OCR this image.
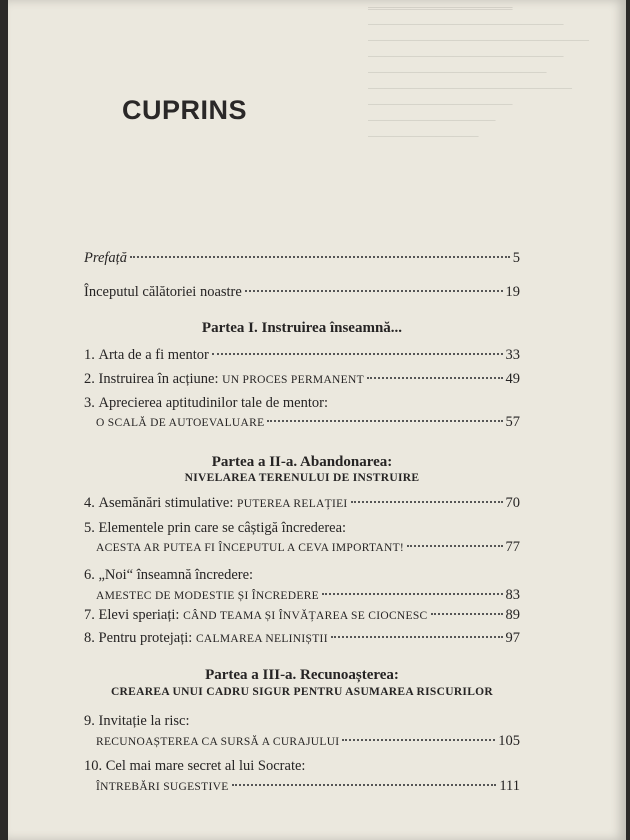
═════════════════
───────────────────────
──────────────────────────
───────────────────────
─────────────────────
────────────────────────
─────────────────
───────────────
─────────────
CUPRINS
Prefață	5
Începutul călătoriei noastre	19
Partea I. Instruirea înseamnă...
1.
Arta de a fi mentor	33
2.
Instruirea în acțiune:
UN PROCES PERMANENT	49
3. Aprecierea aptitudinilor tale de mentor:
O SCALĂ DE AUTOEVALUARE	57
Partea a II-a. Abandonarea:
NIVELAREA TERENULUI DE INSTRUIRE
4.
Asemănări stimulative:
PUTEREA RELAȚIEI	70
5. Elementele prin care se câștigă încrederea:
ACESTA AR PUTEA FI ÎNCEPUTUL A CEVA IMPORTANT!	77
6. „Noi“ înseamnă încredere:
AMESTEC DE MODESTIE ȘI ÎNCREDERE	83
7.
Elevi speriați:
CÂND TEAMA ȘI ÎNVĂȚAREA SE CIOCNESC	89
8.
Pentru protejați:
CALMAREA NELINIȘTII	97
Partea a III-a. Recunoașterea:
CREAREA UNUI CADRU SIGUR PENTRU ASUMAREA RISCURILOR
9. Invitație la risc:
RECUNOAȘTEREA CA SURSĂ A CURAJULUI	105
10. Cel mai mare secret al lui Socrate:
ÎNTREBĂRI SUGESTIVE	111
